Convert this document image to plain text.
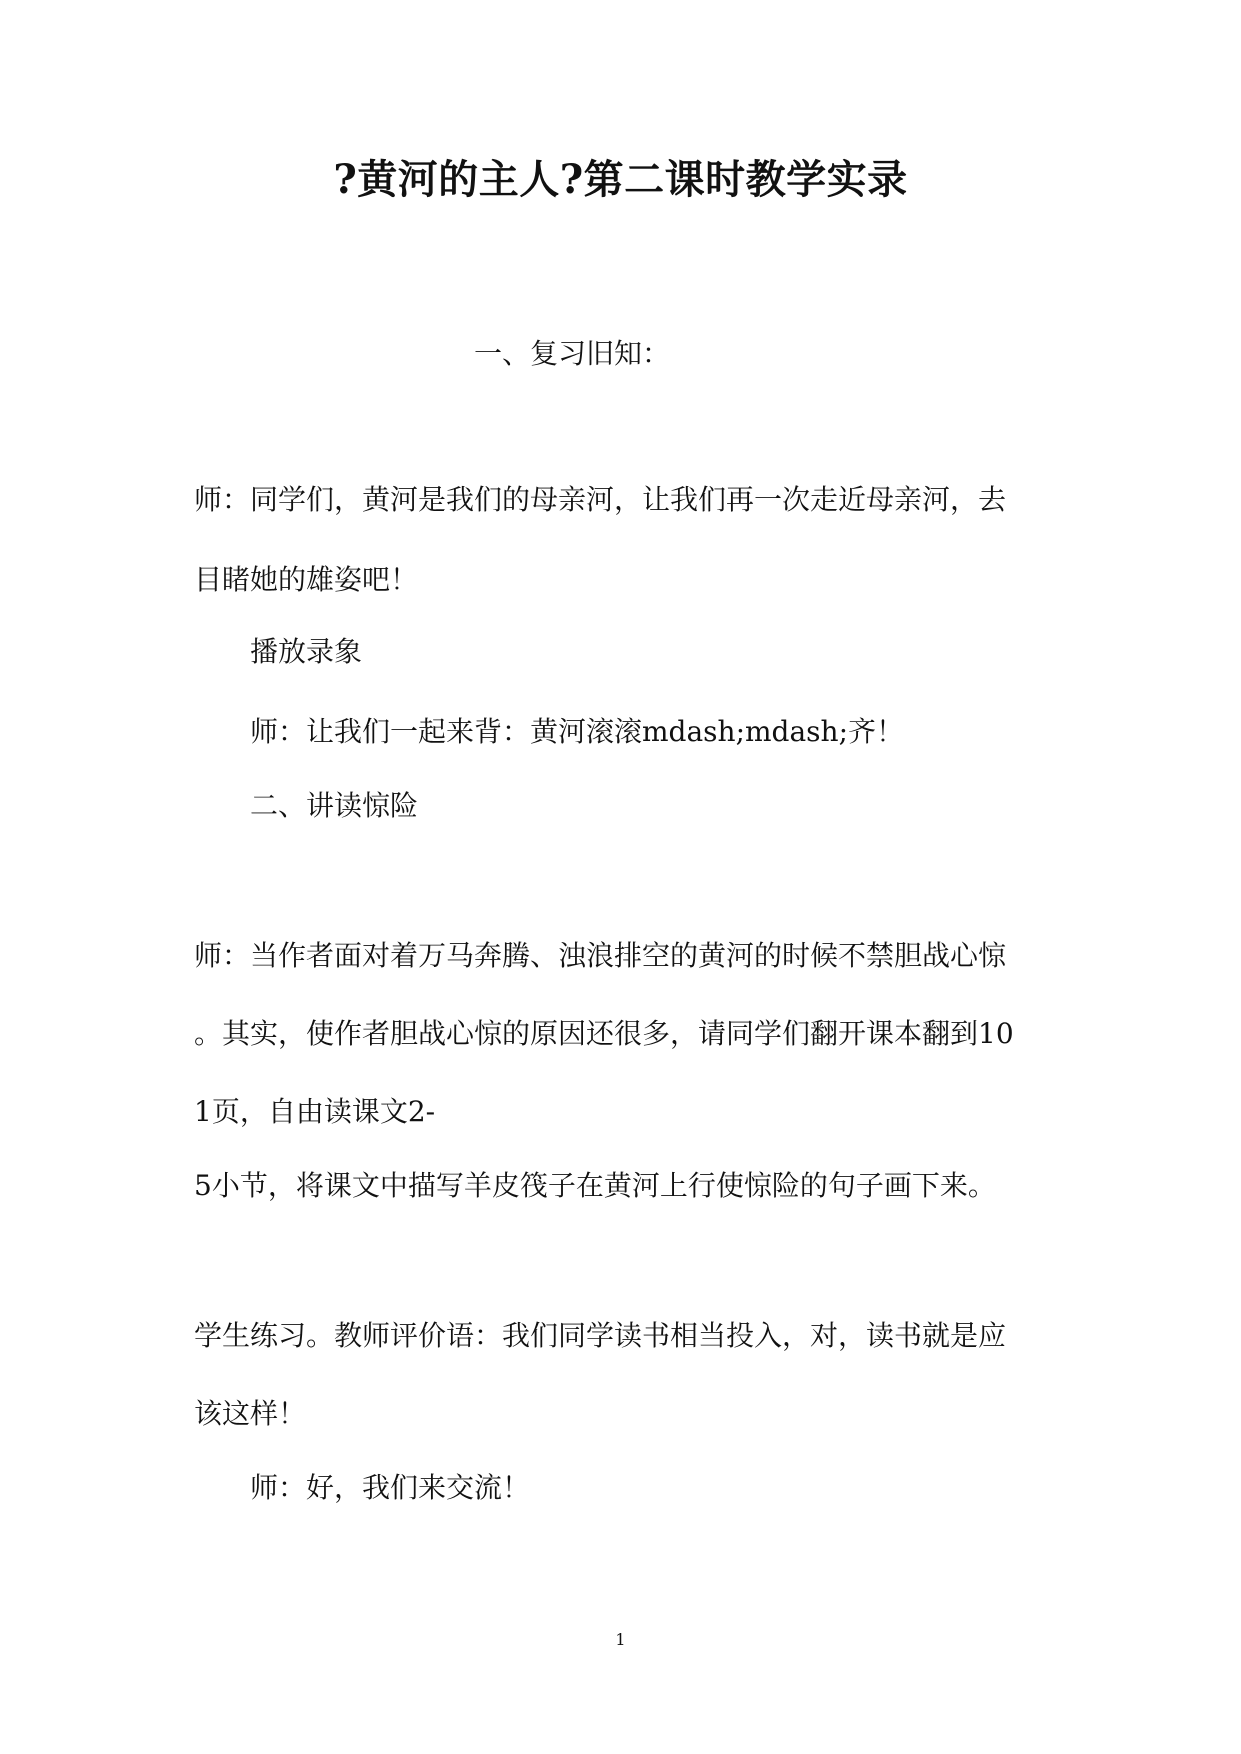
?黄河的主人?第二课时教学实录
一、复习旧知：
师：同学们，黄河是我们的母亲河，让我们再一次走近母亲河，去
目睹她的雄姿吧！
播放录象
师：让我们一起来背：黄河滚滚mdash;mdash;齐！
二、讲读惊险
师：当作者面对着万马奔腾、浊浪排空的黄河的时候不禁胆战心惊
。其实，使作者胆战心惊的原因还很多，请同学们翻开课本翻到10
1页，自由读课文2-
5小节，将课文中描写羊皮筏子在黄河上行使惊险的句子画下来。
学生练习。教师评价语：我们同学读书相当投入，对，读书就是应
该这样！
师：好，我们来交流！
1
